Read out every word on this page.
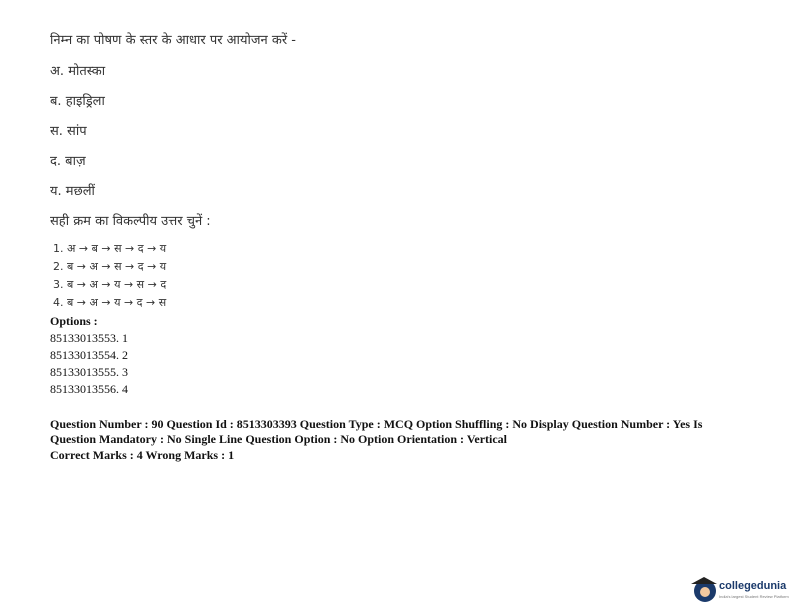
निम्न का पोषण के स्तर के आधार पर आयोजन करें -
अ. मोतस्का
ब. हाइड्रिला
स. सांप
द. बाज़
य. मछलीं
सही क्रम का विकल्पीय उत्तर चुनें :
1. अ → ब → स → द → य
2. ब → अ → स → द → य
3. ब → अ → य → स → द
4. ब → अ → य → द → स
Options :
85133013553. 1
85133013554. 2
85133013555. 3
85133013556. 4
Question Number : 90 Question Id : 8513303393 Question Type : MCQ Option Shuffling : No Display Question Number : Yes Is
Question Mandatory : No Single Line Question Option : No Option Orientation : Vertical
Correct Marks : 4 Wrong Marks : 1
collegedunia
India's largest Student Review Platform
